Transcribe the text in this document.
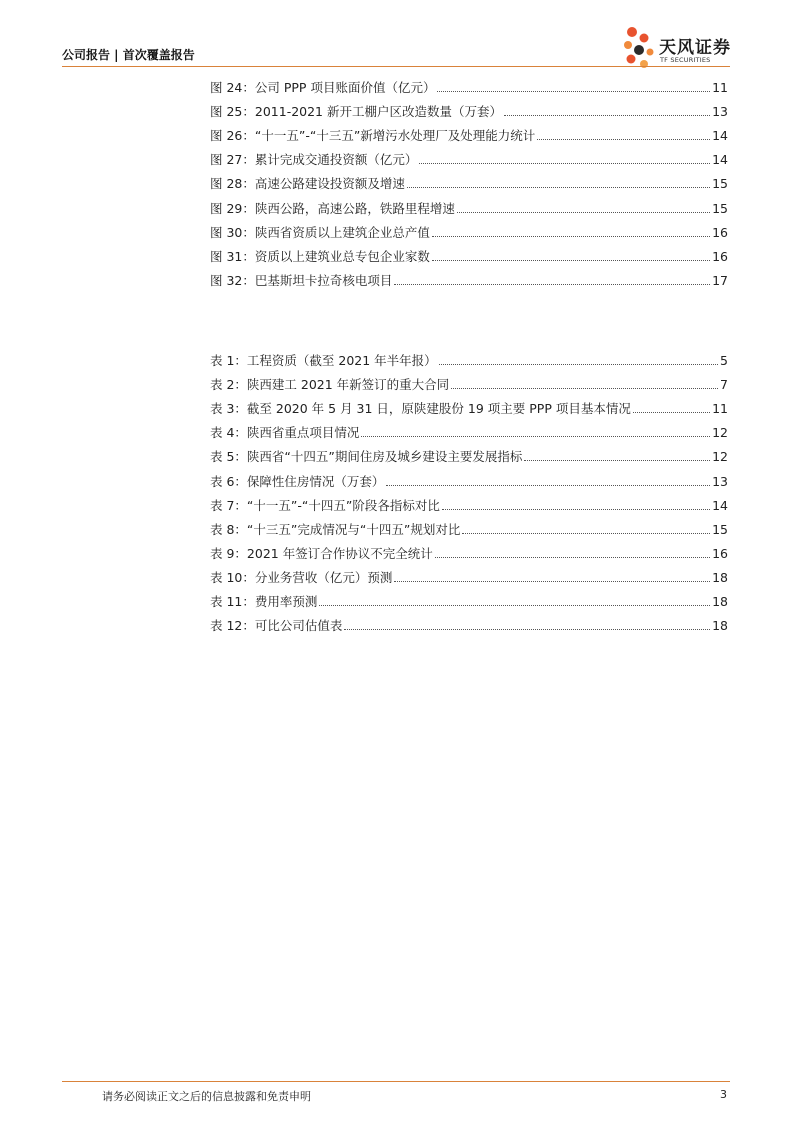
公司报告 | 首次覆盖报告	天风证券
TF SECURITIES
图 24：公司 PPP 项目账面价值（亿元）	11
图 25：2011-2021 新开工棚户区改造数量（万套）	13
图 26：“十一五”-“十三五”新增污水处理厂及处理能力统计	14
图 27：累计完成交通投资额（亿元）	14
图 28：高速公路建设投资额及增速	15
图 29：陕西公路，高速公路，铁路里程增速	15
图 30：陕西省资质以上建筑企业总产值	16
图 31：资质以上建筑业总专包企业家数	16
图 32：巴基斯坦卡拉奇核电项目	17
表 1：工程资质（截至 2021 年半年报）	5
表 2：陕西建工 2021 年新签订的重大合同	7
表 3：截至 2020 年 5 月 31 日，原陕建股份 19 项主要 PPP 项目基本情况	11
表 4：陕西省重点项目情况	12
表 5：陕西省“十四五”期间住房及城乡建设主要发展指标	12
表 6：保障性住房情况（万套）	13
表 7：“十一五”-“十四五”阶段各指标对比	14
表 8：“十三五”完成情况与“十四五”规划对比	15
表 9：2021 年签订合作协议不完全统计	16
表 10：分业务营收（亿元）预测	18
表 11：费用率预测	18
表 12：可比公司估值表	18
请务必阅读正文之后的信息披露和免责申明	3
